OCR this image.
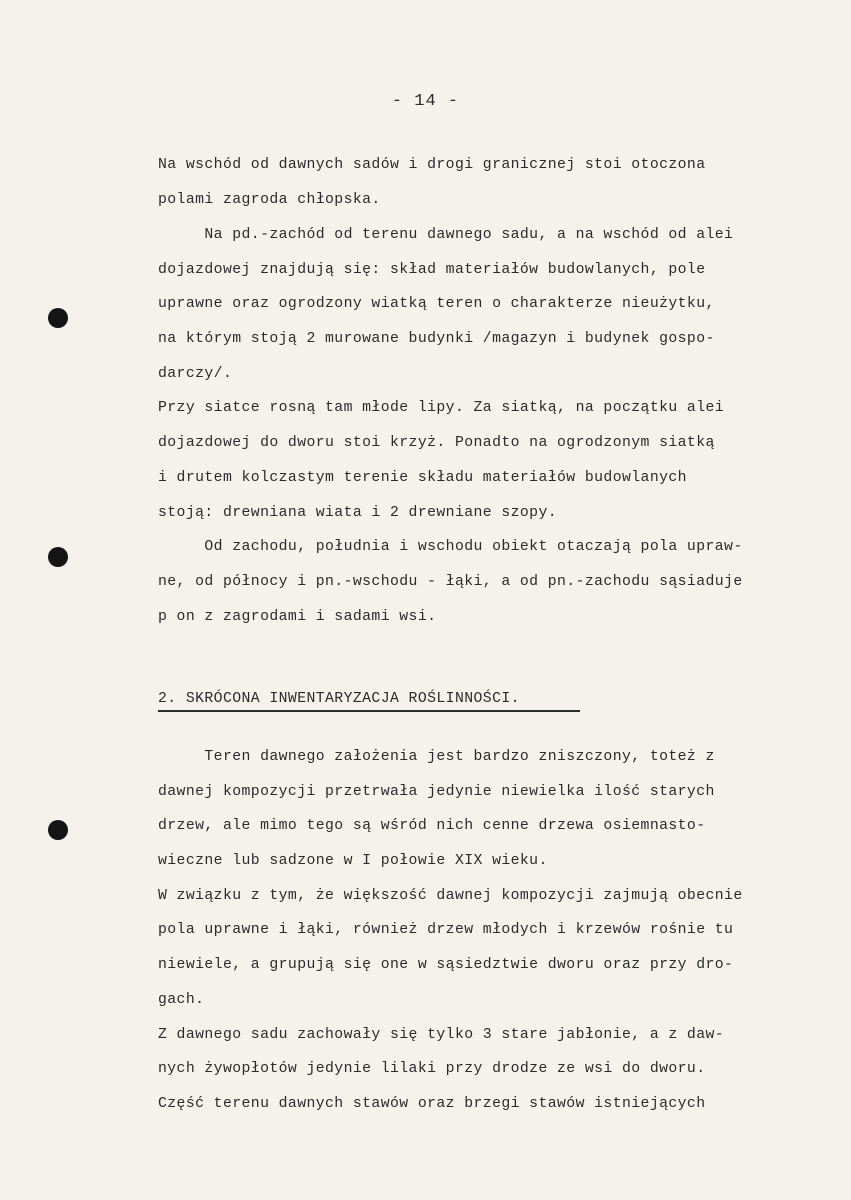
- 14 -
Na wschód od dawnych sadów i drogi granicznej stoi otoczona
polami zagroda chłopska.
Na pd.-zachód od terenu dawnego sadu, a na wschód od alei
dojazdowej znajdują się: skład materiałów budowlanych, pole
uprawne oraz ogrodzony wiatką teren o charakterze nieużytku,
na którym stoją 2 murowane budynki /magazyn i budynek gospo-
darczy/.
Przy siatce rosną tam młode lipy. Za siatką, na początku alei
dojazdowej do dworu stoi krzyż. Ponadto na ogrodzonym siatką
i drutem kolczastym terenie składu materiałów budowlanych
stoją: drewniana wiata i 2 drewniane szopy.
Od zachodu, południa i wschodu obiekt otaczają pola upraw-
ne, od północy i pn.-wschodu - łąki, a od pn.-zachodu sąsiaduje
p on z zagrodami i sadami wsi.
2. SKRÓCONA INWENTARYZACJA ROŚLINNOŚCI.
Teren dawnego założenia jest bardzo zniszczony, toteż z
dawnej kompozycji przetrwała jedynie niewielka ilość starych
drzew, ale mimo tego są wśród nich cenne drzewa osiemnasto-
wieczne lub sadzone w I połowie XIX wieku.
W związku z tym, że większość dawnej kompozycji zajmują obecnie
pola uprawne i łąki, również drzew młodych i krzewów rośnie tu
niewiele, a grupują się one w sąsiedztwie dworu oraz przy dro-
gach.
Z dawnego sadu zachowały się tylko 3 stare jabłonie, a z daw-
nych żywopłotów jedynie lilaki przy drodze ze wsi do dworu.
Część terenu dawnych stawów oraz brzegi stawów istniejących
